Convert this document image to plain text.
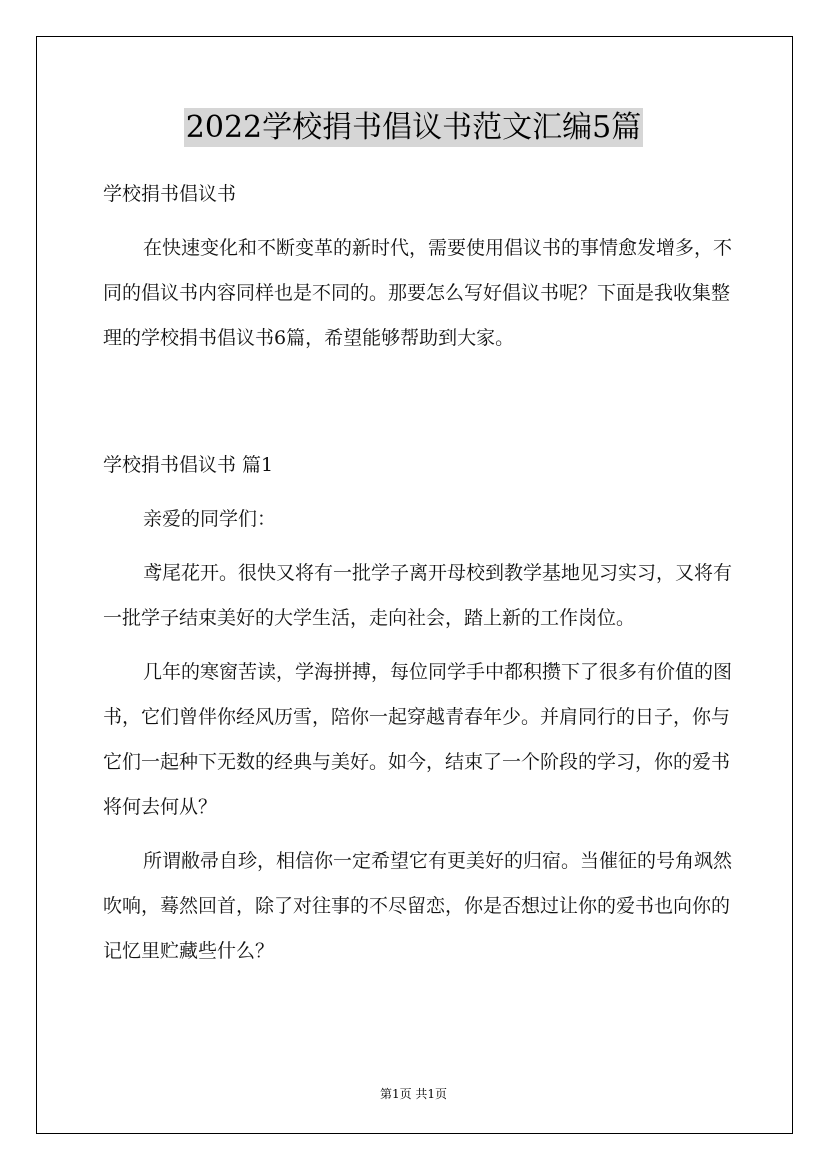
2022学校捐书倡议书范文汇编5篇
学校捐书倡议书

在快速变化和不断变革的新时代，需要使用倡议书的事情愈发增多，不同的倡议书内容同样也是不同的。那要怎么写好倡议书呢？下面是我收集整理的学校捐书倡议书6篇，希望能够帮助到大家。

学校捐书倡议书 篇1

亲爱的同学们：

鸢尾花开。很快又将有一批学子离开母校到教学基地见习实习，又将有一批学子结束美好的大学生活，走向社会，踏上新的工作岗位。

几年的寒窗苦读，学海拼搏，每位同学手中都积攒下了很多有价值的图书，它们曾伴你经风历雪，陪你一起穿越青春年少。并肩同行的日子，你与它们一起种下无数的经典与美好。如今，结束了一个阶段的学习，你的爱书将何去何从？

所谓敝帚自珍，相信你一定希望它有更美好的归宿。当催征的号角飒然吹响，蓦然回首，除了对往事的不尽留恋，你是否想过让你的爱书也向你的记忆里贮藏些什么？

第1页 共1页
